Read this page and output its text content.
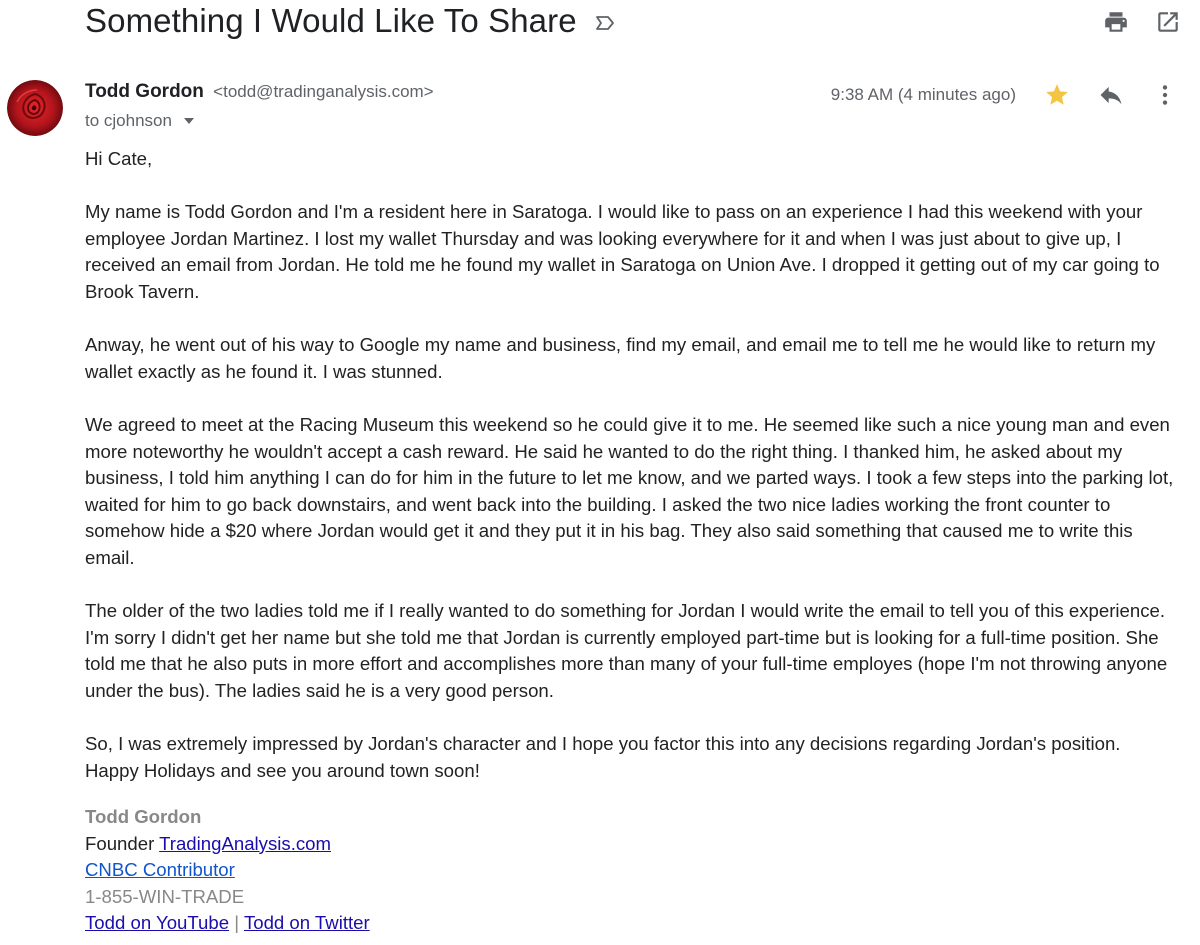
Something I Would Like To Share
Todd Gordon <todd@tradinganalysis.com>
to cjohnson
9:38 AM (4 minutes ago)

Hi Cate,

My name is Todd Gordon and I'm a resident here in Saratoga. I would like to pass on an experience I had this weekend with your employee Jordan Martinez. I lost my wallet Thursday and was looking everywhere for it and when I was just about to give up, I received an email from Jordan. He told me he found my wallet in Saratoga on Union Ave. I dropped it getting out of my car going to Brook Tavern.

Anway, he went out of his way to Google my name and business, find my email, and email me to tell me he would like to return my wallet exactly as he found it. I was stunned.

We agreed to meet at the Racing Museum this weekend so he could give it to me. He seemed like such a nice young man and even more noteworthy he wouldn't accept a cash reward. He said he wanted to do the right thing. I thanked him, he asked about my business, I told him anything I can do for him in the future to let me know, and we parted ways. I took a few steps into the parking lot, waited for him to go back downstairs, and went back into the building. I asked the two nice ladies working the front counter to somehow hide a $20 where Jordan would get it and they put it in his bag. They also said something that caused me to write this email.

The older of the two ladies told me if I really wanted to do something for Jordan I would write the email to tell you of this experience. I'm sorry I didn't get her name but she told me that Jordan is currently employed part-time but is looking for a full-time position. She told me that he also puts in more effort and accomplishes more than many of your full-time employes (hope I'm not throwing anyone under the bus). The ladies said he is a very good person.

So, I was extremely impressed by Jordan's character and I hope you factor this into any decisions regarding Jordan's position. Happy Holidays and see you around town soon!

Todd Gordon
Founder TradingAnalysis.com
CNBC Contributor
1-855-WIN-TRADE
Todd on YouTube | Todd on Twitter
